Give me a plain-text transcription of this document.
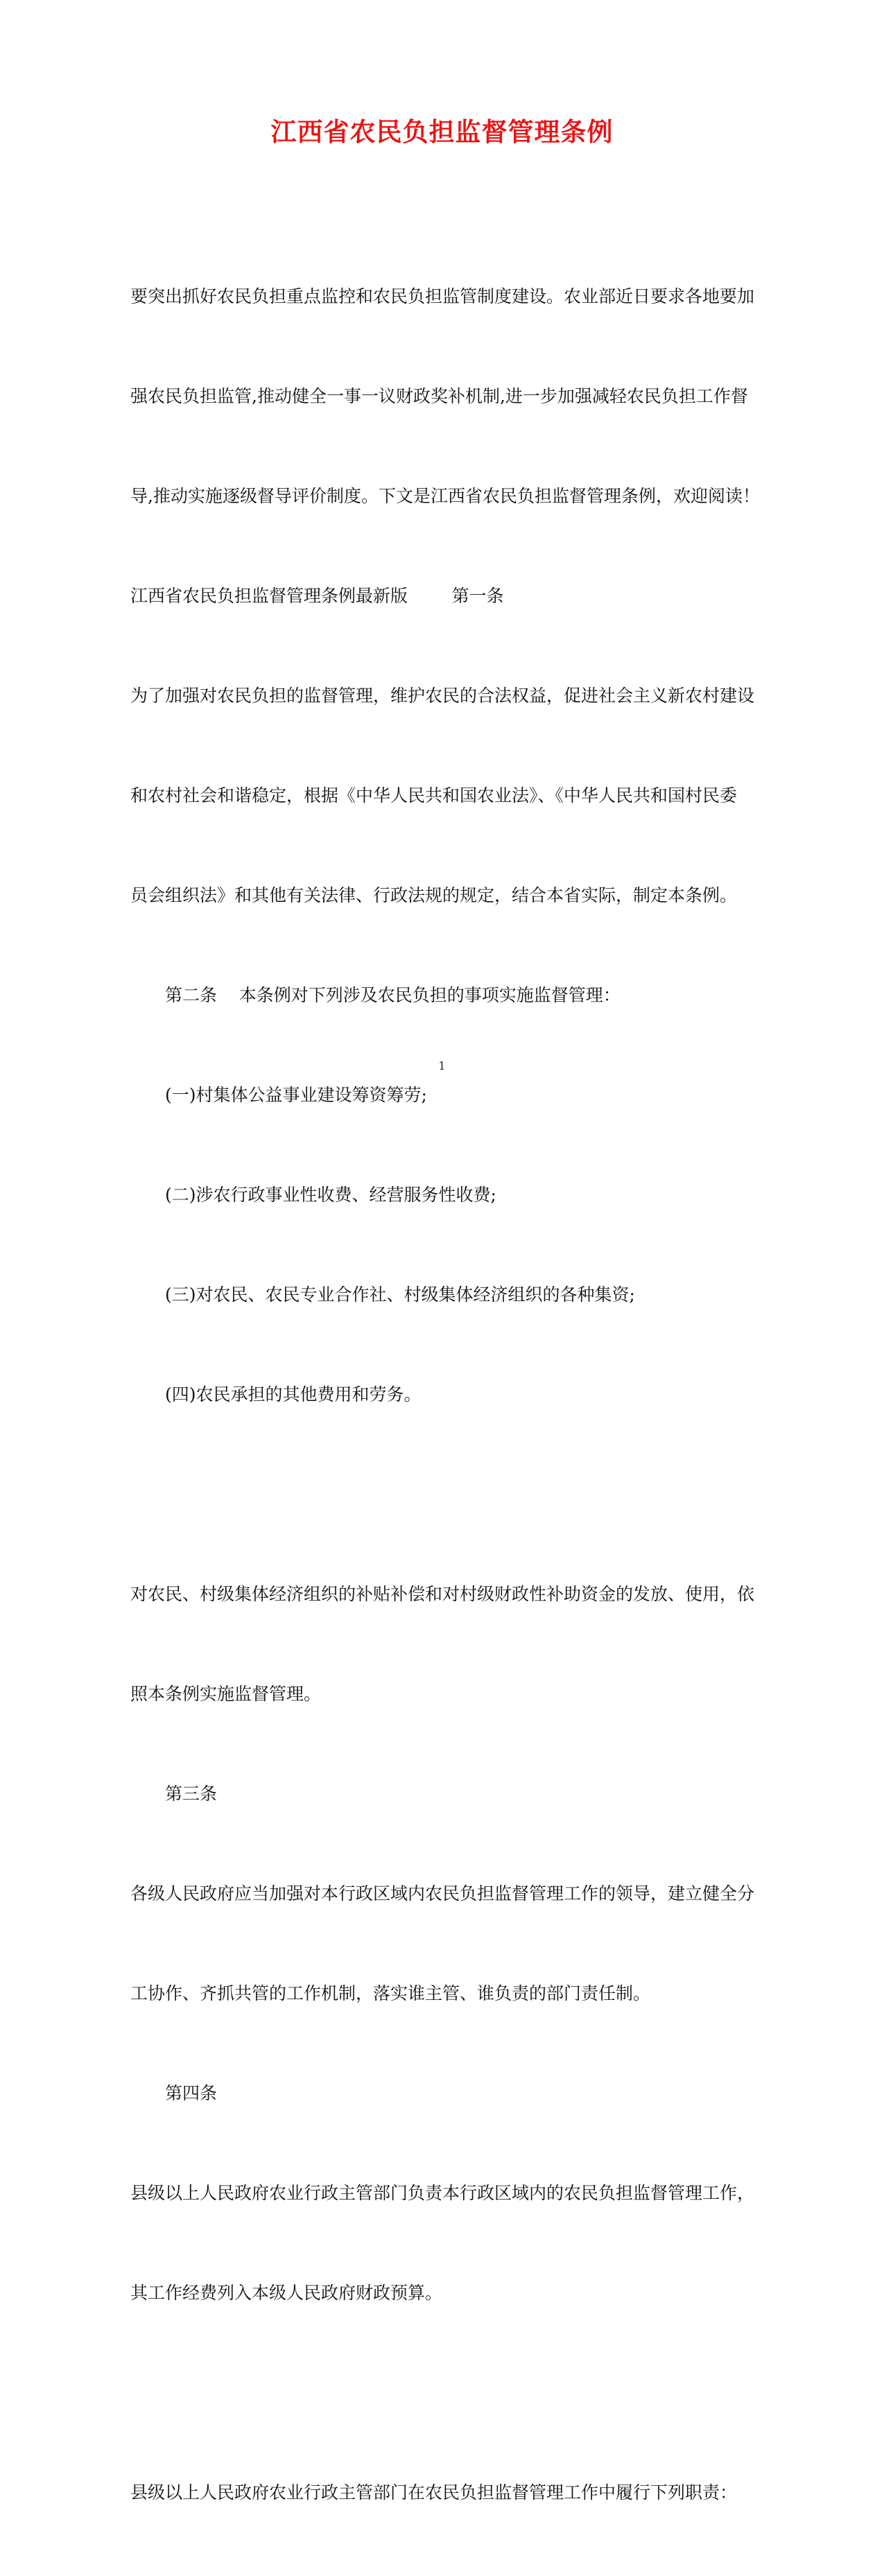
江西省农民负担监督管理条例

要突出抓好农民负担重点监控和农民负担监管制度建设。农业部近日要求各地要加

强农民负担监管,推动健全一事一议财政奖补机制,进一步加强减轻农民负担工作督

导,推动实施逐级督导评价制度。下文是江西省农民负担监督管理条例，欢迎阅读！

江西省农民负担监督管理条例最新版        第一条

为了加强对农民负担的监督管理，维护农民的合法权益，促进社会主义新农村建设

和农村社会和谐稳定，根据《中华人民共和国农业法》、《中华人民共和国村民委

员会组织法》和其他有关法律、行政法规的规定，结合本省实际，制定本条例。

第二条    本条例对下列涉及农民负担的事项实施监督管理：

(一)村集体公益事业建设筹资筹劳;

(二)涉农行政事业性收费、经营服务性收费;

(三)对农民、农民专业合作社、村级集体经济组织的各种集资;

(四)农民承担的其他费用和劳务。

对农民、村级集体经济组织的补贴补偿和对村级财政性补助资金的发放、使用，依

照本条例实施监督管理。

第三条

各级人民政府应当加强对本行政区域内农民负担监督管理工作的领导，建立健全分

工协作、齐抓共管的工作机制，落实谁主管、谁负责的部门责任制。

第四条

县级以上人民政府农业行政主管部门负责本行政区域内的农民负担监督管理工作，

其工作经费列入本级人民政府财政预算。

县级以上人民政府农业行政主管部门在农民负担监督管理工作中履行下列职责：

1
